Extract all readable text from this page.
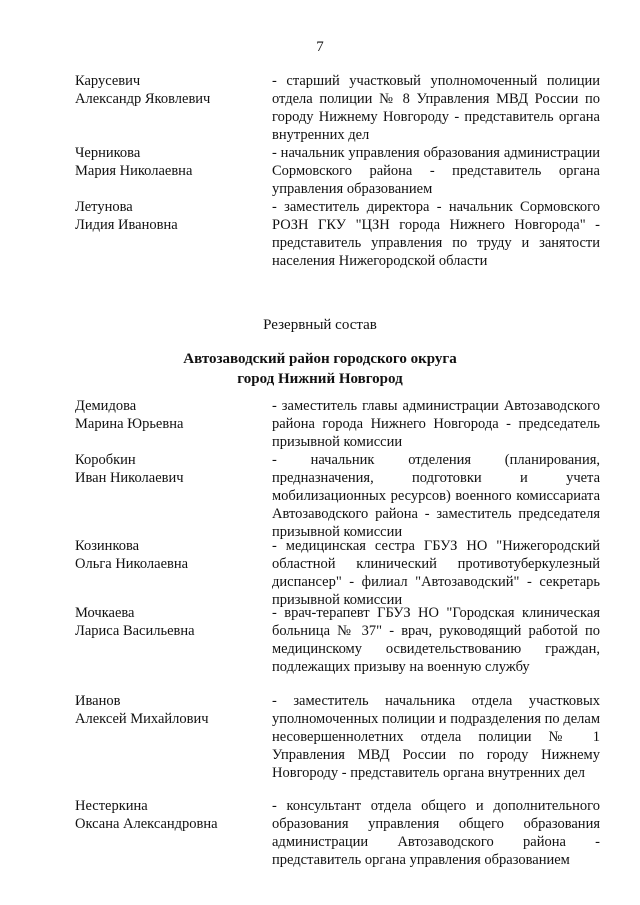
7
Карусевич
Александр Яковлевич
- старший участковый уполномоченный полиции отдела полиции № 8 Управления МВД России по городу Нижнему Новгороду - представитель органа внутренних дел
Черникова
Мария Николаевна
- начальник управления образования администрации Сормовского района - представитель органа управления образованием
Летунова
Лидия Ивановна
- заместитель директора - начальник Сормовского РОЗН ГКУ "ЦЗН города Нижнего Новгорода" - представитель управления по труду и занятости населения Нижегородской области
Резервный состав
Автозаводский район городского округа
город Нижний Новгород
Демидова
Марина Юрьевна
- заместитель главы администрации Автозаводского района города Нижнего Новгорода - председатель призывной комиссии
Коробкин
Иван Николаевич
- начальник отделения (планирования, предназначения, подготовки и учета мобилизационных ресурсов) военного комиссариата Автозаводского района - заместитель председателя призывной комиссии
Козинкова
Ольга Николаевна
- медицинская сестра ГБУЗ НО "Нижегородский областной клинический противотуберкулезный диспансер" - филиал "Автозаводский" - секретарь призывной комиссии
Мочкаева
Лариса Васильевна
- врач-терапевт ГБУЗ НО "Городская клиническая больница № 37" - врач, руководящий работой по медицинскому освидетельствованию граждан, подлежащих призыву на военную службу
Иванов
Алексей Михайлович
- заместитель начальника отдела участковых уполномоченных полиции и подразделения по делам несовершеннолетних отдела полиции № 1 Управления МВД России по городу Нижнему Новгороду - представитель органа внутренних дел
Нестеркина
Оксана Александровна
- консультант отдела общего и дополнительного образования управления общего образования администрации Автозаводского района - представитель органа управления образованием
